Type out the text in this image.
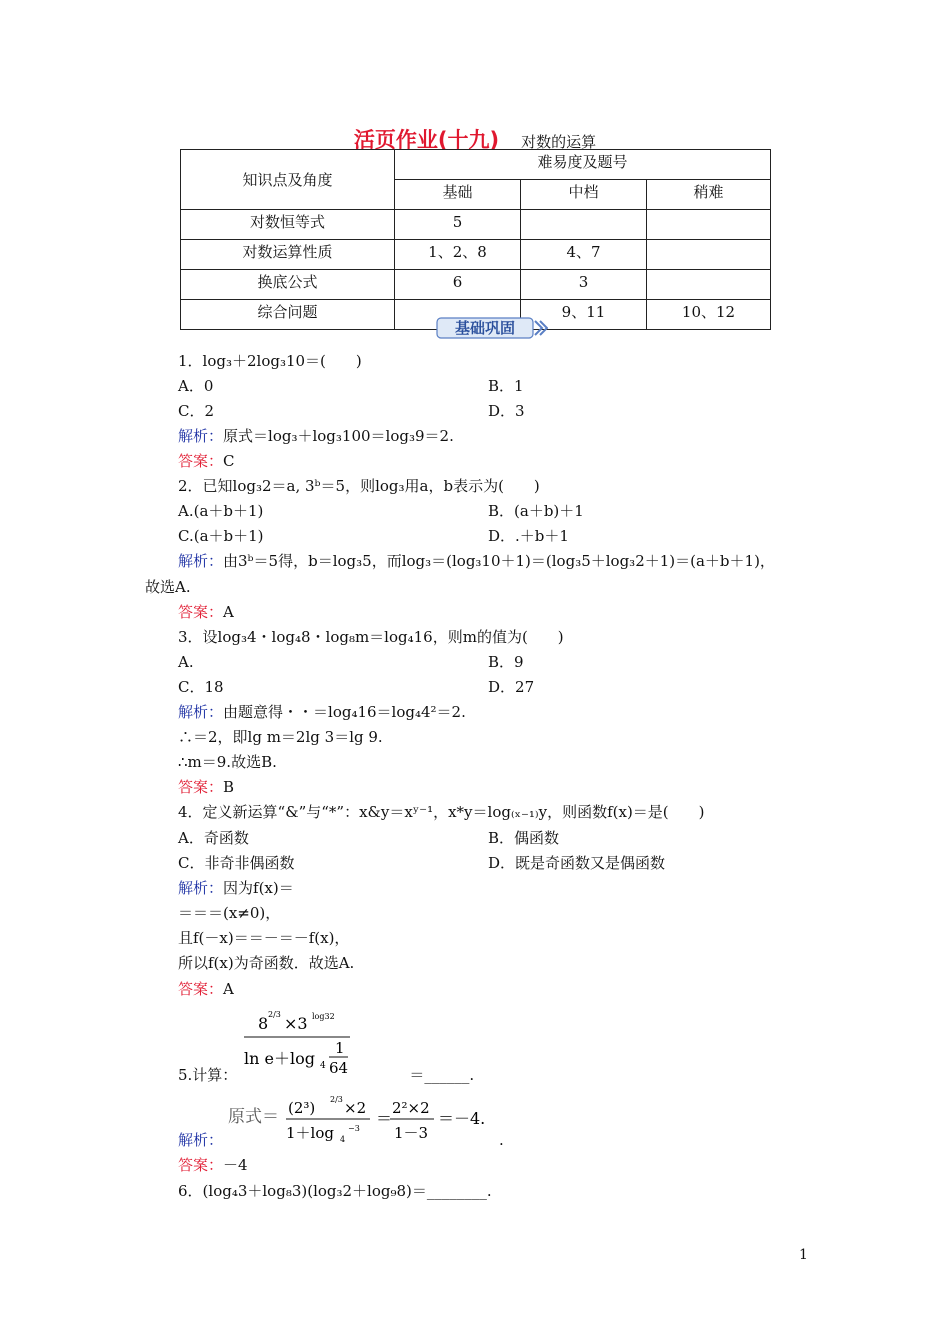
活页作业(十九) 对数的运算
知识点及角度	难易度及题号		
	基础	中档	稍难
对数恒等式	5		
对数运算性质	1、2、8	4、7	
换底公式	6	3	
综合问题		9、11	10、12
基础巩固
1．log₃＋2log₃10＝(　　)
A．0	B．1
C．2	D．3
解析：原式＝log₃＋log₃100＝log₃9＝2.
答案：C
2．已知log₃2＝a, 3ᵇ＝5，则log₃用a，b表示为(　　)
A.(a＋b＋1)	B．(a＋b)＋1
C.(a＋b＋1)	D．.＋b＋1
解析：由3ᵇ＝5得，b＝log₃5，而log₃＝(log₃10＋1)＝(log₃5＋log₃2＋1)＝(a＋b＋1)，
故选A.
答案：A
3．设log₃4・log₄8・log₈m＝log₄16，则m的值为(　　)
A.	B．9
C．18	D．27
解析：由题意得・・＝log₄16＝log₄4²＝2.
∴＝2，即lg m＝2lg 3＝lg 9.
∴m＝9.故选B.
答案：B
4．定义新运算“&”与“*”：x&y＝xʸ⁻¹，x*y＝log₍ₓ₋₁₎y，则函数f(x)＝是(　　)
A．奇函数	B．偶函数
C．非奇非偶函数	D．既是奇函数又是偶函数
解析：因为f(x)＝
＝＝＝(x≠0)，
且f(－x)＝＝－＝－f(x)，
所以f(x)为奇函数．故选A.
答案：A
8 2/3 ×3 log32
ln e＋log 4
1
64
5.计算：	＝______.
原式＝ (2³) 2/3 ×2
1＋log 4
−3
＝
2²×2
1－3
＝－4.
解析：	.
答案：－4
6．(log₄3＋log₈3)(log₃2＋log₉8)＝________.
1
